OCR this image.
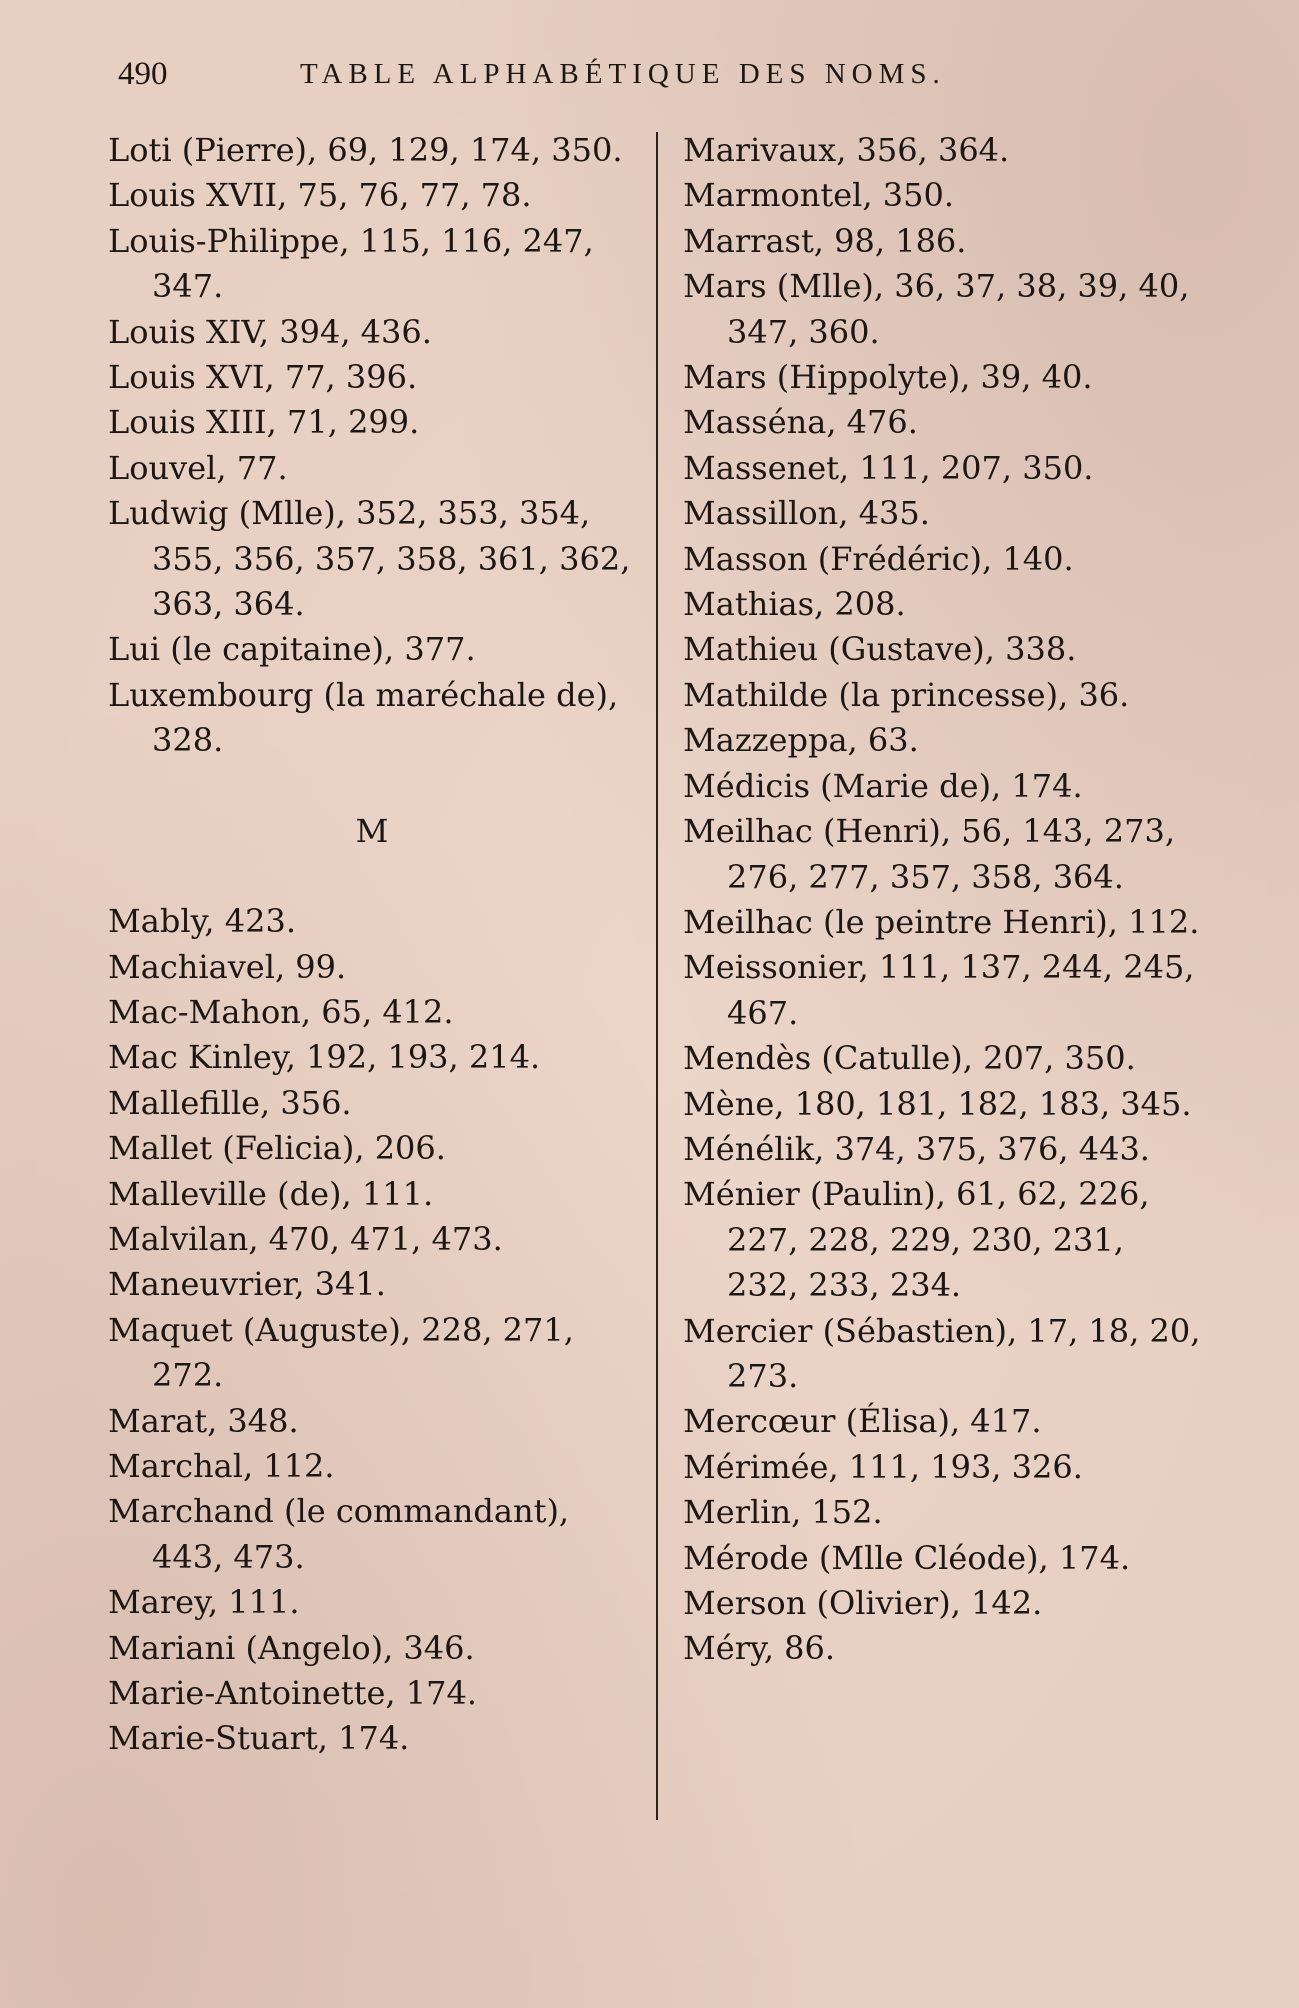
490	TABLE ALPHABÉTIQUE DES NOMS.
Loti (Pierre), 69, 129, 174, 350.
Louis XVII, 75, 76, 77, 78.
Louis-Philippe, 115, 116, 247, 347.
Louis XIV, 394, 436.
Louis XVI, 77, 396.
Louis XIII, 71, 299.
Louvel, 77.
Ludwig (Mlle), 352, 353, 354, 355, 356, 357, 358, 361, 362, 363, 364.
Lui (le capitaine), 377.
Luxembourg (la maréchale de), 328.
M
Mably, 423.
Machiavel, 99.
Mac-Mahon, 65, 412.
Mac Kinley, 192, 193, 214.
Mallefille, 356.
Mallet (Felicia), 206.
Malleville (de), 111.
Malvilan, 470, 471, 473.
Maneuvrier, 341.
Maquet (Auguste), 228, 271, 272.
Marat, 348.
Marchal, 112.
Marchand (le commandant), 443, 473.
Marey, 111.
Mariani (Angelo), 346.
Marie-Antoinette, 174.
Marie-Stuart, 174.
Marivaux, 356, 364.
Marmontel, 350.
Marrast, 98, 186.
Mars (Mlle), 36, 37, 38, 39, 40, 347, 360.
Mars (Hippolyte), 39, 40.
Masséna, 476.
Massenet, 111, 207, 350.
Massillon, 435.
Masson (Frédéric), 140.
Mathias, 208.
Mathieu (Gustave), 338.
Mathilde (la princesse), 36.
Mazzeppa, 63.
Médicis (Marie de), 174.
Meilhac (Henri), 56, 143, 273, 276, 277, 357, 358, 364.
Meilhac (le peintre Henri), 112.
Meissonier, 111, 137, 244, 245, 467.
Mendès (Catulle), 207, 350.
Mène, 180, 181, 182, 183, 345.
Ménélik, 374, 375, 376, 443.
Ménier (Paulin), 61, 62, 226, 227, 228, 229, 230, 231, 232, 233, 234.
Mercier (Sébastien), 17, 18, 20, 273.
Mercœur (Élisa), 417.
Mérimée, 111, 193, 326.
Merlin, 152.
Mérode (Mlle Cléode), 174.
Merson (Olivier), 142.
Méry, 86.
